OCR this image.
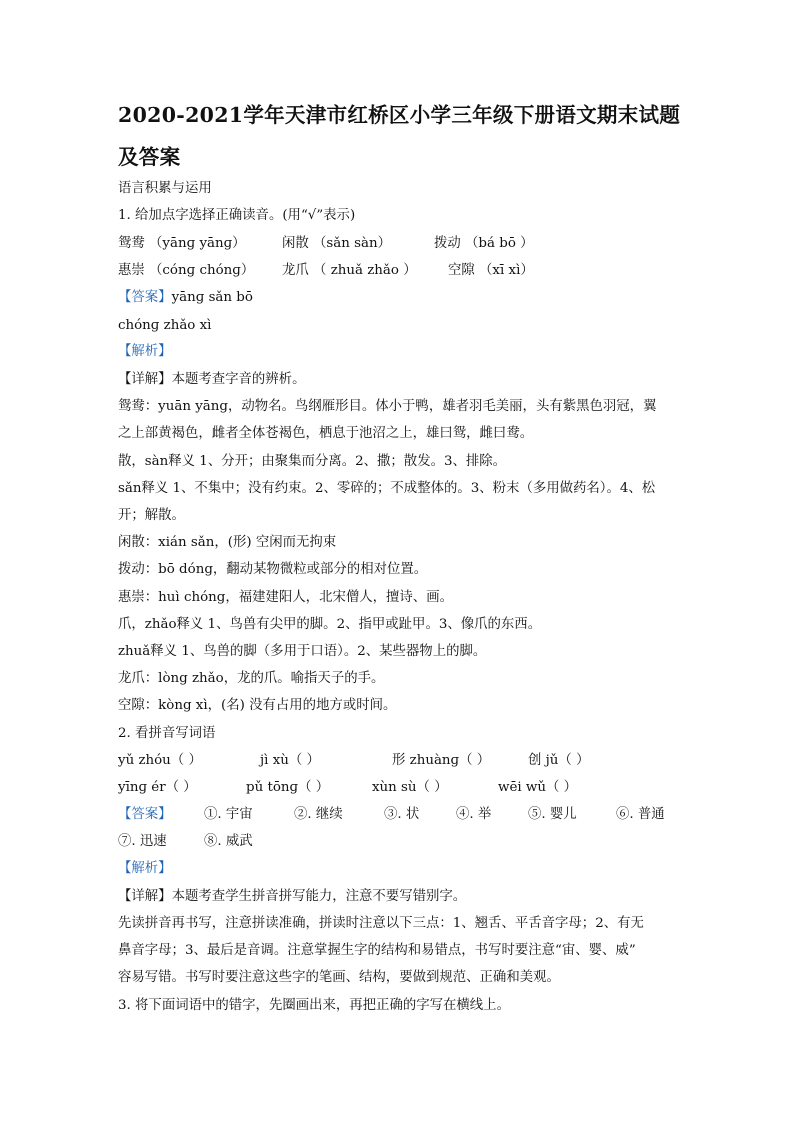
2020-2021学年天津市红桥区小学三年级下册语文期末试题
及答案
语言积累与运用
1. 给加点字选择正确读音。(用“√”表示)
鸳鸯 （yānɡ yānɡ）	闲散 （sǎn sàn）	拨动 （bá bō ）
惠崇 （cónɡ chónɡ） 龙爪 （ zhuǎ zhǎo ） 空隙 （xī xì）
【答案】yānɡ sǎn bō
chónɡ zhǎo xì
【解析】
【详解】本题考查字音的辨析。
鸳鸯：yuān yāng，动物名。鸟纲雁形目。体小于鸭，雄者羽毛美丽，头有紫黑色羽冠，翼
之上部黄褐色，雌者全体苍褐色，栖息于池沼之上，雄曰鸳，雌曰鸯。
散，sàn释义 1、分开；由聚集而分离。2、撒；散发。3、排除。
sǎn释义 1、不集中；没有约束。2、零碎的；不成整体的。3、粉末（多用做药名）。4、松
开；解散。
闲散：xián sǎn，(形) 空闲而无拘束
拨动：bō dóng，翻动某物微粒或部分的相对位置。
惠崇：huì chóng，福建建阳人，北宋僧人，擅诗、画。
爪，zhǎo释义 1、鸟兽有尖甲的脚。2、指甲或趾甲。3、像爪的东西。
zhuǎ释义 1、鸟兽的脚（多用于口语）。2、某些器物上的脚。
龙爪：lòng zhǎo，龙的爪。喻指天子的手。
空隙：kòng xì，(名) 没有占用的地方或时间。
2. 看拼音写词语
yǔ zhóu（ ）	jì xù（ ）	形 zhuànɡ（ ）	创 jǔ（ ）
yīnɡ ér（ ）	pǔ tōnɡ（ ）	xùn sù（ ）	wēi wǔ（ ）
【答案】 ①. 宇宙	②. 继续	③. 状	④. 举	⑤. 婴儿	⑥. 普通
⑦. 迅速	⑧. 威武
【解析】
【详解】本题考查学生拼音拼写能力，注意不要写错别字。
先读拼音再书写，注意拼读准确，拼读时注意以下三点：1、翘舌、平舌音字母；2、有无
鼻音字母；3、最后是音调。注意掌握生字的结构和易错点，书写时要注意“宙、婴、威”
容易写错。书写时要注意这些字的笔画、结构，要做到规范、正确和美观。
3. 将下面词语中的错字，先圈画出来，再把正确的字写在横线上。
